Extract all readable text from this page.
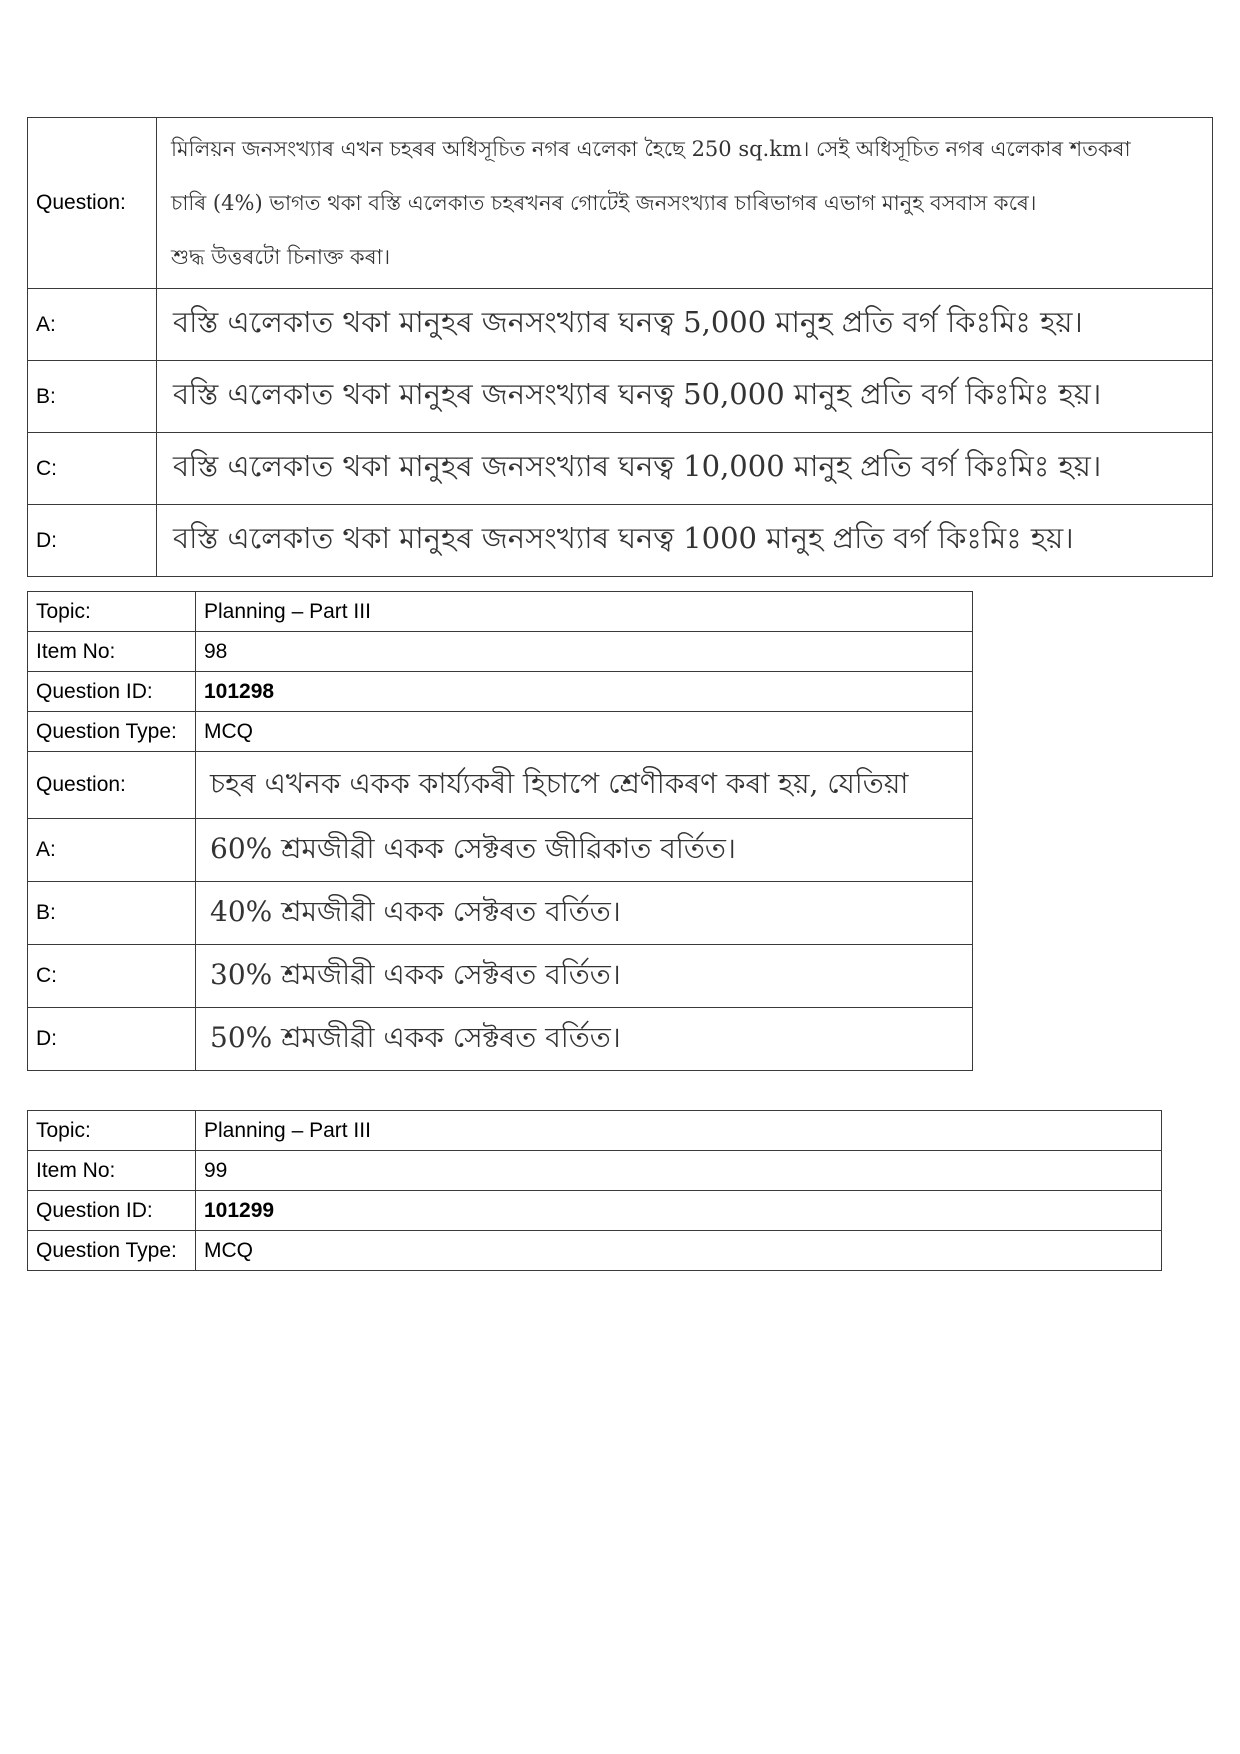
Question:	মিলিয়ন জনসংখ্যাৰ এখন চহৰৰ অধিসূচিত নগৰ এলেকা হৈছে 250 sq.km। সেই অধিসূচিত নগৰ এলেকাৰ শতকৰা
চাৰি (4%) ভাগত থকা বস্তি এলেকাত চহৰখনৰ গোটেই জনসংখ্যাৰ চাৰিভাগৰ এভাগ মানুহ বসবাস কৰে।
শুদ্ধ উত্তৰটো চিনাক্ত কৰা।

A:	বস্তি এলেকাত থকা মানুহৰ জনসংখ্যাৰ ঘনত্ব 5,000 মানুহ প্ৰতি বৰ্গ কিঃমিঃ হয়।
B:	বস্তি এলেকাত থকা মানুহৰ জনসংখ্যাৰ ঘনত্ব 50,000 মানুহ প্ৰতি বৰ্গ কিঃমিঃ হয়।
C:	বস্তি এলেকাত থকা মানুহৰ জনসংখ্যাৰ ঘনত্ব 10,000 মানুহ প্ৰতি বৰ্গ কিঃমিঃ হয়।
D:	বস্তি এলেকাত থকা মানুহৰ জনসংখ্যাৰ ঘনত্ব 1000 মানুহ প্ৰতি বৰ্গ কিঃমিঃ হয়।
Topic:	Planning – Part III
Item No:	98
Question ID:	101298
Question Type:	MCQ
Question:	চহৰ এখনক একক কাৰ্য্যকৰী হিচাপে শ্ৰেণীকৰণ কৰা হয়, যেতিয়া
A:	60% শ্ৰমজীৱী একক সেক্টৰত জীৱিকাত বৰ্তিত।
B:	40% শ্ৰমজীৱী একক সেক্টৰত বৰ্তিত।
C:	30% শ্ৰমজীৱী একক সেক্টৰত বৰ্তিত।
D:	50% শ্ৰমজীৱী একক সেক্টৰত বৰ্তিত।
Topic:	Planning – Part III
Item No:	99
Question ID:	101299
Question Type:	MCQ
